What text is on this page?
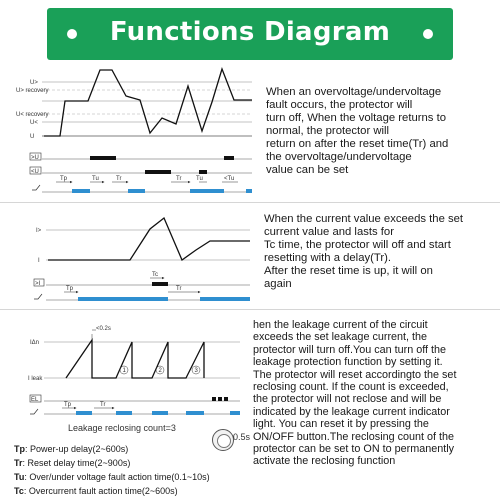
Functions Diagram
U>
U> recovery
U< recovery
U<
U
>U
<U
Tp	Tu	Tr	Tr Tu	<Tu
I>
I
>I
Tp
Tc
Tr
<0.2s
IΔn
I leak
1	2	3
EL
Tp	Tr
When an overvoltage/undervoltage
fault occurs, the protector will
turn off, When the voltage returns to
normal, the protector will
return on after the reset time(Tr) and
the overvoltage/undervoltage
value can be set
When the current value exceeds the set
current value and lasts for
Tc time, the protector will off and start
resetting with a delay(Tr).
After the reset time is up, it will on
again
hen the leakage current of the circuit
exceeds the set leakage current, the
protector will turn off.You can turn off the
leakage protection function by setting it.
The protector will reset accordingto the set
reclosing count. If the count is exceeded,
the protector will not reclose and will be
indicated by the leakage current indicator
light. You can reset it by pressing the
ON/OFF button.The reclosing count of the
protector can be set to ON to permanently
activate the reclosing function
Leakage reclosing count=3
0.5s
Tp: Power-up delay(2~600s)
Tr: Reset delay time(2~900s)
Tu: Over/under voltage fault action time(0.1~10s)
Tc: Overcurrent fault action time(2~600s)
